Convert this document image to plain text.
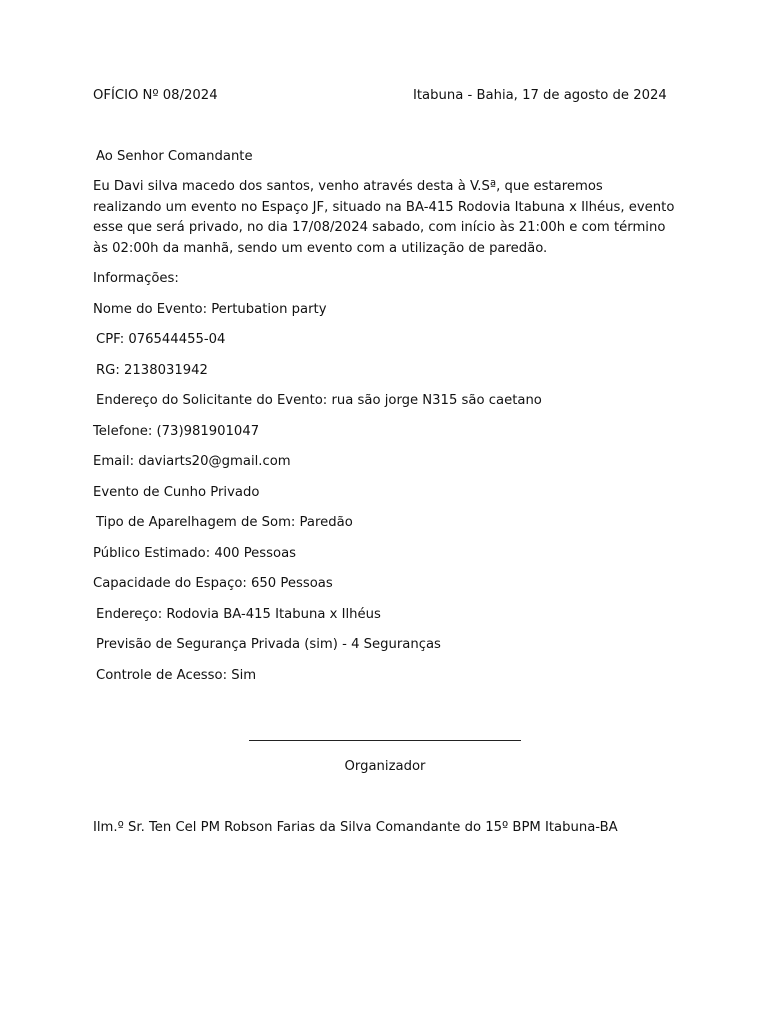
OFÍCIO Nº 08/2024	Itabuna - Bahia, 17 de agosto de 2024
Ao Senhor Comandante
Eu Davi silva macedo dos santos, venho através desta à V.Sª, que estaremos
realizando um evento no Espaço JF, situado na BA-415 Rodovia Itabuna x Ilhéus, evento
esse que será privado, no dia 17/08/2024 sabado, com início às 21:00h e com término
às 02:00h da manhã, sendo um evento com a utilização de paredão.
Informações:
Nome do Evento: Pertubation party
CPF: 076544455-04
RG: 2138031942
Endereço do Solicitante do Evento: rua são jorge N315 são caetano
Telefone: (73)981901047
Email: daviarts20@gmail.com
Evento de Cunho Privado
Tipo de Aparelhagem de Som: Paredão
Público Estimado: 400 Pessoas
Capacidade do Espaço: 650 Pessoas
Endereço: Rodovia BA-415 Itabuna x Ilhéus
Previsão de Segurança Privada (sim) - 4 Seguranças
Controle de Acesso: Sim
Organizador
Ilm.º Sr. Ten Cel PM Robson Farias da Silva Comandante do 15º BPM Itabuna-BA
